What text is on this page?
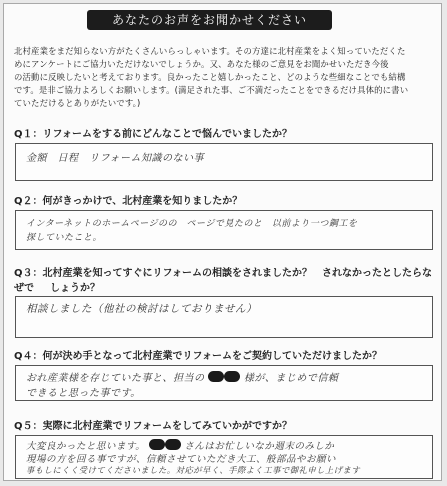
あなたのお声をお聞かせください
北村産業をまだ知らない方がたくさんいらっしゃいます。その方達に北村産業をよく知っていただくた
めにアンケートにご協力いただけないでしょうか。又、あなた様のご意見をお聞かせいただき今後
の活動に反映したいと考えております。良かったこと嬉しかったこと、どのような些細なことでも結構
です。是非ご協力よろしくお願いします。(満足された事、ご不満だったことをできるだけ具体的に書い
ていただけるとありがたいです。)
Q１：リフォームをする前にどんなことで悩んでいましたか？
金額　日程　リフォーム知識のない事
Q２：何がきっかけで、北村産業を知りましたか？
インターネットのホームページのの　ページで見たのと　以前より一つ鋼工を
探していたこと。
Q３：北村産業を知ってすぐにリフォームの相談をされましたか？　されなかったとしたらなぜで	しょうか？
相談しました（他社の検討はしておりません）
Q４：何が決め手となって北村産業でリフォームをご契約していただけましたか？
おれ産業様を存じていた事と、担当の	様が、まじめで信頼
できると思った事です。
Q５：実際に北村産業でリフォームをしてみていかがですか？
大変良かったと思います。	さんはお忙しいなか週末のみしか
現場の方を回る事ですが、信頼させていただき大工、般部品やお願い
事もしにくく受けてくださいました。対応が早く、手際よく工事で御礼申し上げます
